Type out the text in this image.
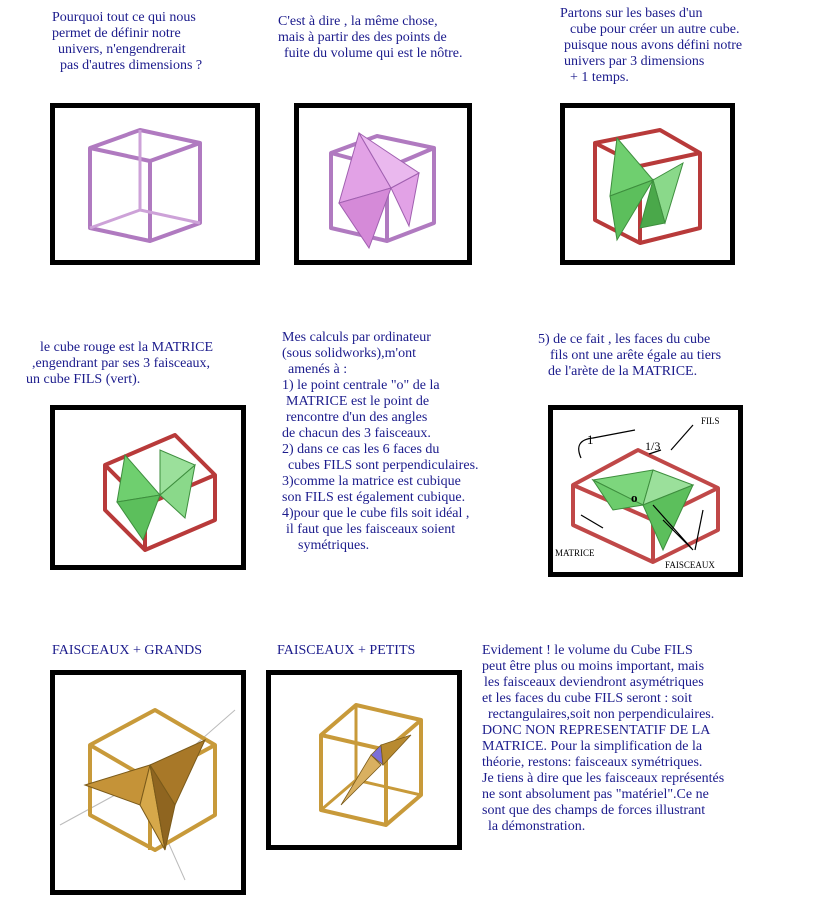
Pourquoi tout ce qui nous
permet de définir notre
univers, n'engendrerait
pas d'autres dimensions ?
C'est à dire , la même chose,
mais à partir des des points de
fuite du volume qui est le nôtre.
Partons sur les bases d'un
cube pour créer un autre cube.
puisque nous avons défini notre
univers par 3 dimensions
+ 1 temps.
le cube rouge est la MATRICE
,engendrant par ses 3 faisceaux,
un cube FILS (vert).
Mes calculs par ordinateur
(sous solidworks),m'ont
amenés à :
1) le point centrale "o" de la
MATRICE est le point de
rencontre d'un des angles
de chacun des 3 faisceaux.
2) dans ce cas les 6 faces du
cubes FILS sont perpendiculaires.
3)comme la matrice est cubique
son FILS est également cubique.
4)pour que le cube fils soit idéal ,
il faut que les faisceaux soient
symétriques.
5) de ce fait , les faces du cube
fils ont une arête égale au tiers
de l'arète de la MATRICE.
1	1/3
FILS
o
MATRICE
FAISCEAUX
FAISCEAUX + GRANDS	FAISCEAUX + PETITS	Evidement ! le volume du Cube FILS
peut être plus ou moins important, mais
les faisceaux deviendront asymétriques
et les faces du cube FILS seront : soit
rectangulaires,soit non perpendiculaires.
DONC NON REPRESENTATIF DE LA
MATRICE. Pour la simplification de la
théorie, restons: faisceaux symétriques.
Je tiens à dire que les faisceaux représentés
ne sont absolument pas "matériel".Ce ne
sont que des champs de forces illustrant
la démonstration.
